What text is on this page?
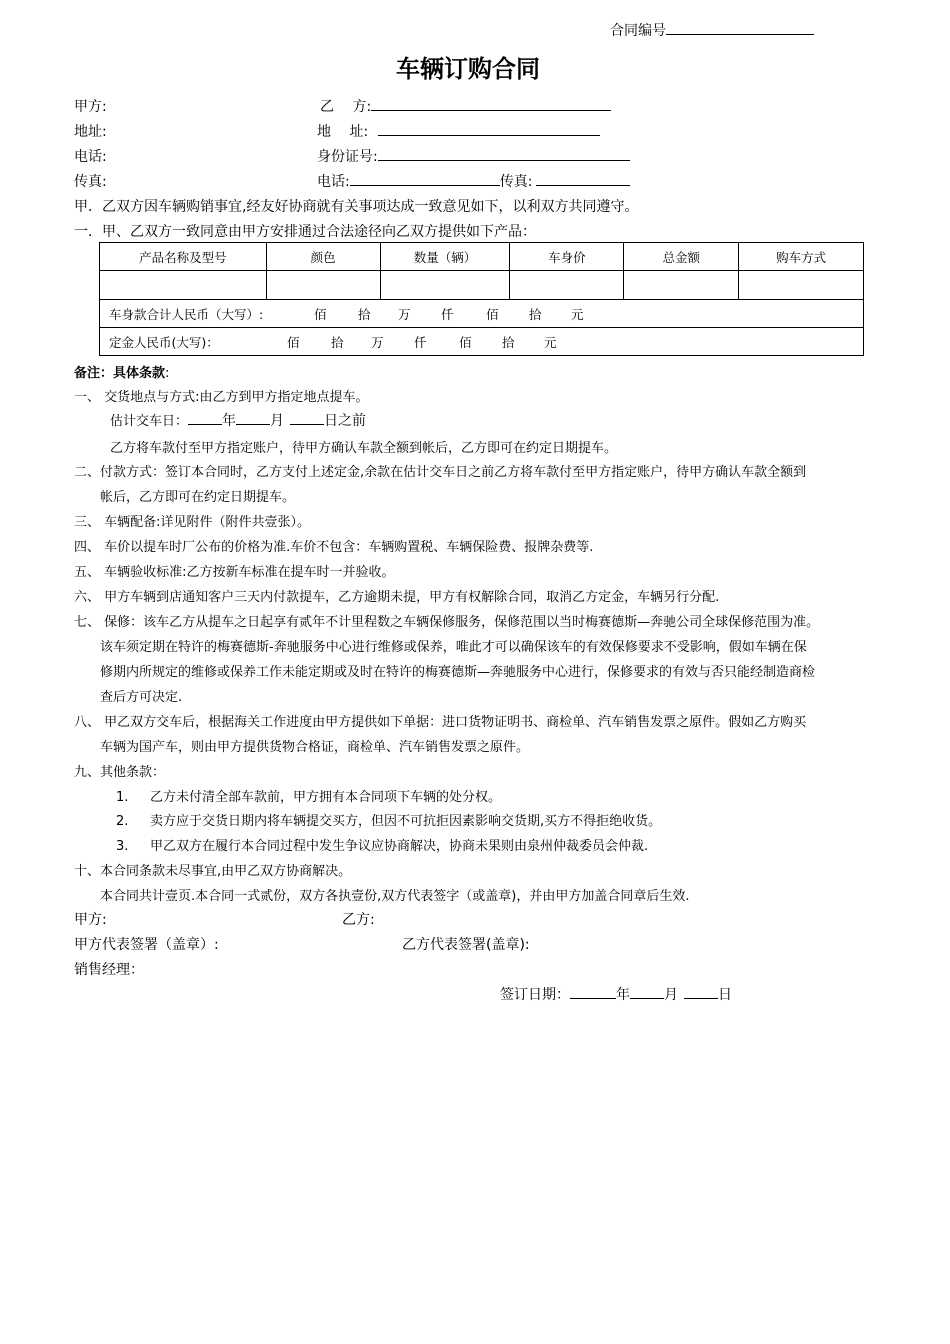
合同编号
车辆订购合同
甲方:	乙　 方:
地址:	地　 址:
电话:	身份证号:
传真:	电话:	传真:
甲．乙双方因车辆购销事宜,经友好协商就有关事项达成一致意见如下，以利双方共同遵守。
一．甲、乙双方一致同意由甲方安排通过合法途径向乙双方提供如下产品：
产品名称及型号	颜色	数量（辆）	车身价	总金额	购车方式

车身款合计人民币（大写）: 佰 拾 万 仟 佰 拾 元					
定金人民币(大写)： 佰 拾 万 仟 佰 拾 元					
备注：具体条款:
一、 交货地点与方式:由乙方到甲方指定地点提车。
估计交车日： 年 月	日之前
乙方将车款付至甲方指定账户，待甲方确认车款全额到帐后，乙方即可在约定日期提车。
二、付款方式：签订本合同时，乙方支付上述定金,余款在估计交车日之前乙方将车款付至甲方指定账户，待甲方确认车款全额到
帐后，乙方即可在约定日期提车。
三、 车辆配备:详见附件（附件共壹张）。
四、 车价以提车时厂公布的价格为准.车价不包含：车辆购置税、车辆保险费、报牌杂费等.
五、 车辆验收标准:乙方按新车标准在提车时一并验收。
六、 甲方车辆到店通知客户三天内付款提车，乙方逾期未提，甲方有权解除合同，取消乙方定金，车辆另行分配.
七、 保修：该车乙方从提车之日起享有贰年不计里程数之车辆保修服务，保修范围以当时梅赛德斯—奔驰公司全球保修范围为准。
该车须定期在特许的梅赛德斯-奔驰服务中心进行维修或保养，唯此才可以确保该车的有效保修要求不受影响，假如车辆在保
修期内所规定的维修或保养工作未能定期或及时在特许的梅赛德斯—奔驰服务中心进行，保修要求的有效与否只能经制造商检
查后方可决定.
八、 甲乙双方交车后，根据海关工作进度由甲方提供如下单据：进口货物证明书、商检单、汽车销售发票之原件。假如乙方购买
车辆为国产车，则由甲方提供货物合格证，商检单、汽车销售发票之原件。
九、其他条款：
1. 乙方未付清全部车款前，甲方拥有本合同项下车辆的处分权。
2. 卖方应于交货日期内将车辆提交买方，但因不可抗拒因素影响交货期,买方不得拒绝收货。
3. 甲乙双方在履行本合同过程中发生争议应协商解决，协商未果则由泉州仲裁委员会仲裁.
十、本合同条款未尽事宜,由甲乙双方协商解决。
本合同共计壹页.本合同一式贰份，双方各执壹份,双方代表签字（或盖章)，并由甲方加盖合同章后生效.
甲方:	乙方:
甲方代表签署（盖章）:	乙方代表签署(盖章):
销售经理：
签订日期：	年 月	日
